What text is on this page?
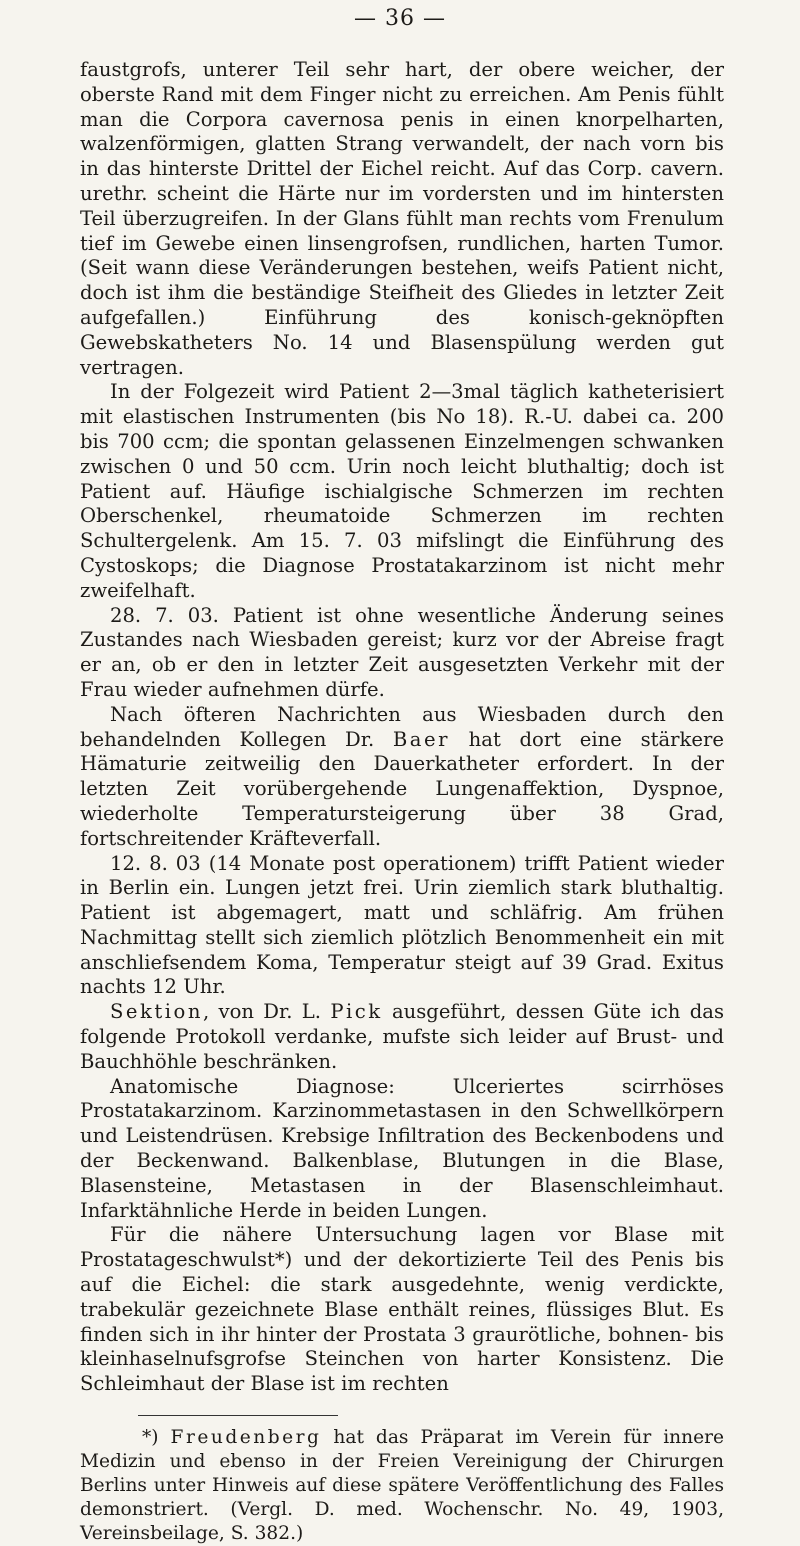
— 36 —

faustgrofs, unterer Teil sehr hart, der obere weicher, der oberste Rand mit dem Finger nicht zu erreichen. Am Penis fühlt man die Corpora cavernosa penis in einen knorpelharten, walzenförmigen, glatten Strang verwandelt, der nach vorn bis in das hinterste Drittel der Eichel reicht. Auf das Corp. cavern. urethr. scheint die Härte nur im vordersten und im hintersten Teil überzugreifen. In der Glans fühlt man rechts vom Frenulum tief im Gewebe einen linsengrofsen, rundlichen, harten Tumor. (Seit wann diese Veränderungen bestehen, weifs Patient nicht, doch ist ihm die beständige Steifheit des Gliedes in letzter Zeit aufgefallen.) Einführung des konisch-geknöpften Gewebskatheters No. 14 und Blasenspülung werden gut vertragen.

In der Folgezeit wird Patient 2—3mal täglich katheterisiert mit elastischen Instrumenten (bis No 18). R.-U. dabei ca. 200 bis 700 ccm; die spontan gelassenen Einzelmengen schwanken zwischen 0 und 50 ccm. Urin noch leicht bluthaltig; doch ist Patient auf. Häufige ischialgische Schmerzen im rechten Oberschenkel, rheumatoide Schmerzen im rechten Schultergelenk. Am 15. 7. 03 mifslingt die Einführung des Cystoskops; die Diagnose Prostatakarzinom ist nicht mehr zweifelhaft.

28. 7. 03. Patient ist ohne wesentliche Änderung seines Zustandes nach Wiesbaden gereist; kurz vor der Abreise fragt er an, ob er den in letzter Zeit ausgesetzten Verkehr mit der Frau wieder aufnehmen dürfe.

Nach öfteren Nachrichten aus Wiesbaden durch den behandelnden Kollegen Dr. Baer hat dort eine stärkere Hämaturie zeitweilig den Dauerkatheter erfordert. In der letzten Zeit vorübergehende Lungenaffektion, Dyspnoe, wiederholte Temperatursteigerung über 38 Grad, fortschreitender Kräfteverfall.

12. 8. 03 (14 Monate post operationem) trifft Patient wieder in Berlin ein. Lungen jetzt frei. Urin ziemlich stark bluthaltig. Patient ist abgemagert, matt und schläfrig. Am frühen Nachmittag stellt sich ziemlich plötzlich Benommenheit ein mit anschliefsendem Koma, Temperatur steigt auf 39 Grad. Exitus nachts 12 Uhr.

Sektion, von Dr. L. Pick ausgeführt, dessen Güte ich das folgende Protokoll verdanke, mufste sich leider auf Brust- und Bauchhöhle beschränken.

Anatomische Diagnose: Ulceriertes scirrhöses Prostatakarzinom. Karzinommetastasen in den Schwellkörpern und Leistendrüsen. Krebsige Infiltration des Beckenbodens und der Beckenwand. Balkenblase, Blutungen in die Blase, Blasensteine, Metastasen in der Blasenschleimhaut. Infarktähnliche Herde in beiden Lungen.

Für die nähere Untersuchung lagen vor Blase mit Prostatageschwulst*) und der dekortizierte Teil des Penis bis auf die Eichel: die stark ausgedehnte, wenig verdickte, trabekulär gezeichnete Blase enthält reines, flüssiges Blut. Es finden sich in ihr hinter der Prostata 3 graurötliche, bohnen- bis kleinhaselnufsgrofse Steinchen von harter Konsistenz. Die Schleimhaut der Blase ist im rechten

*) Freudenberg hat das Präparat im Verein für innere Medizin und ebenso in der Freien Vereinigung der Chirurgen Berlins unter Hinweis auf diese spätere Veröffentlichung des Falles demonstriert. (Vergl. D. med. Wochenschr. No. 49, 1903, Vereinsbeilage, S. 382.)
